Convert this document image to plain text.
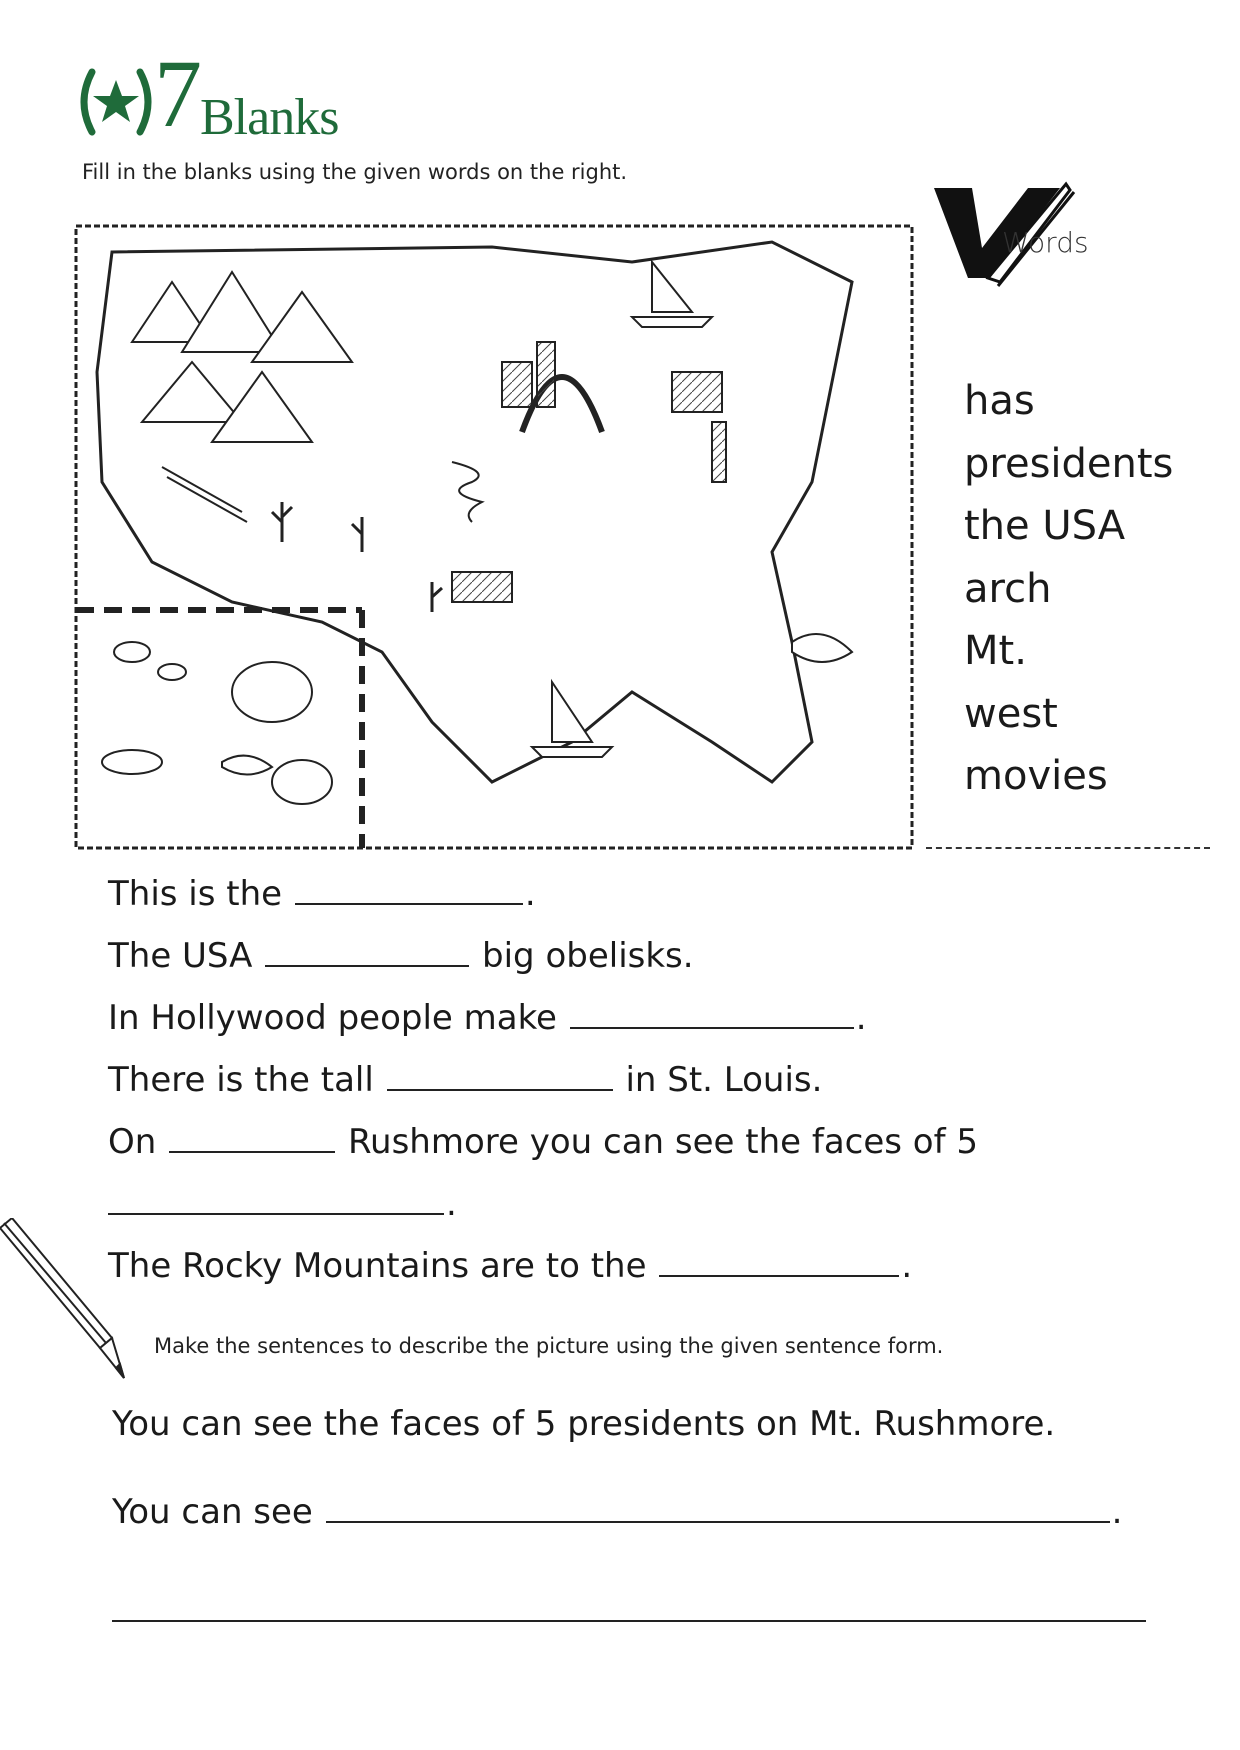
7
Blanks
Fill in the blanks using the given words on the right.
Words
has
presidents
the USA
arch
Mt.
west
movies
This is the	.
The USA	big obelisks.
In Hollywood people make	.
There is the tall	in St. Louis.
On	Rushmore you can see the faces of 5
.
The Rocky Mountains are to the	.
Make the sentences to describe the picture using the given sentence form.
You can see the faces of 5 presidents on Mt. Rushmore.
You can see	.
